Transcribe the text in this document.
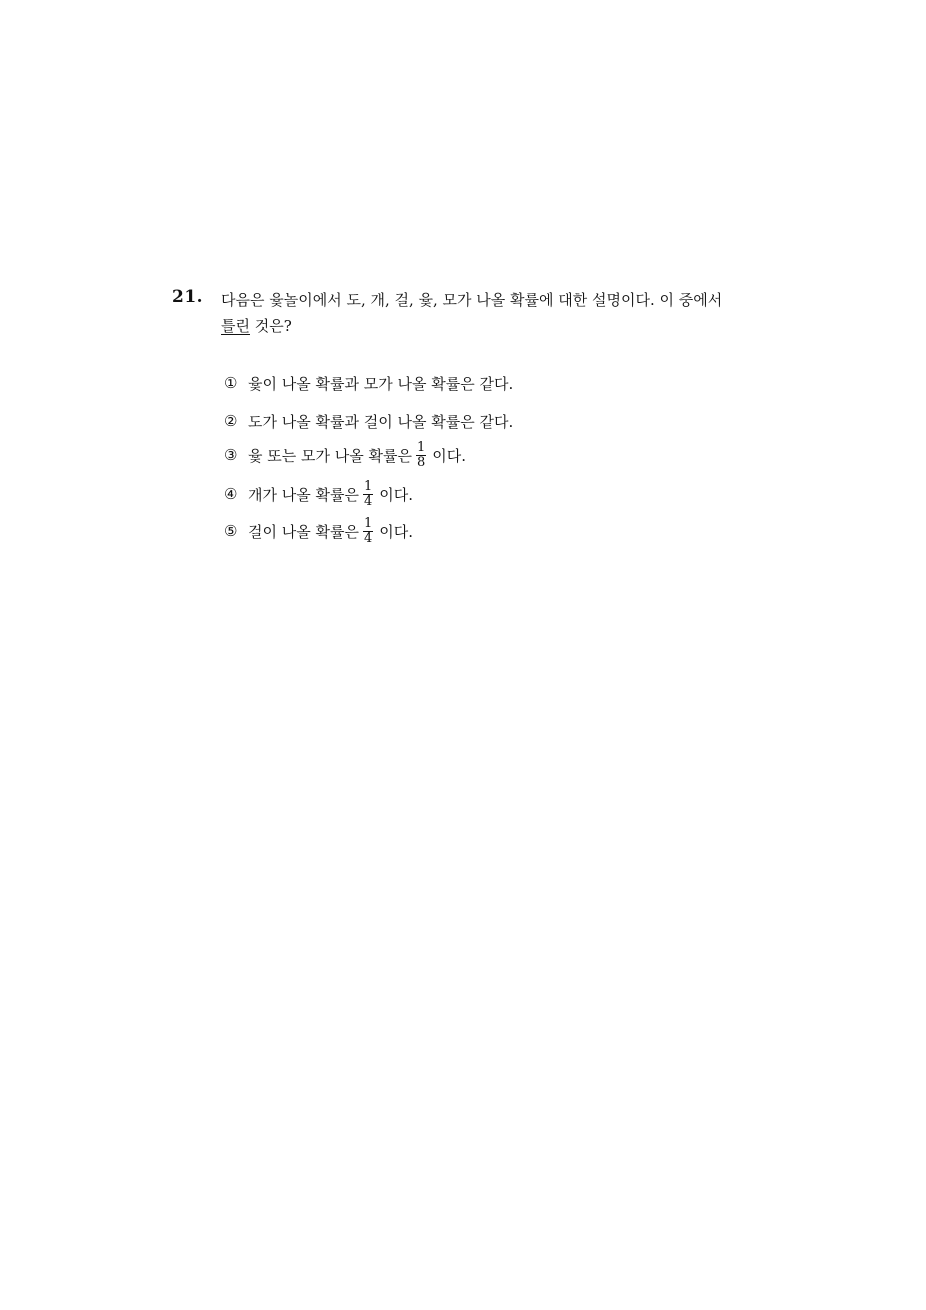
21. 다음은 윷놀이에서 도, 개, 걸, 윷, 모가 나올 확률에 대한 설명이다. 이 중에서
틀린 것은?
① 윷이 나올 확률과 모가 나올 확률은 같다.
② 도가 나올 확률과 걸이 나올 확률은 같다.
③ 윷 또는 모가 나올 확률은 $\frac{1}{8}$ 이다.
④ 개가 나올 확률은 $\frac{1}{4}$ 이다.
⑤ 걸이 나올 확률은 $\frac{1}{4}$ 이다.
